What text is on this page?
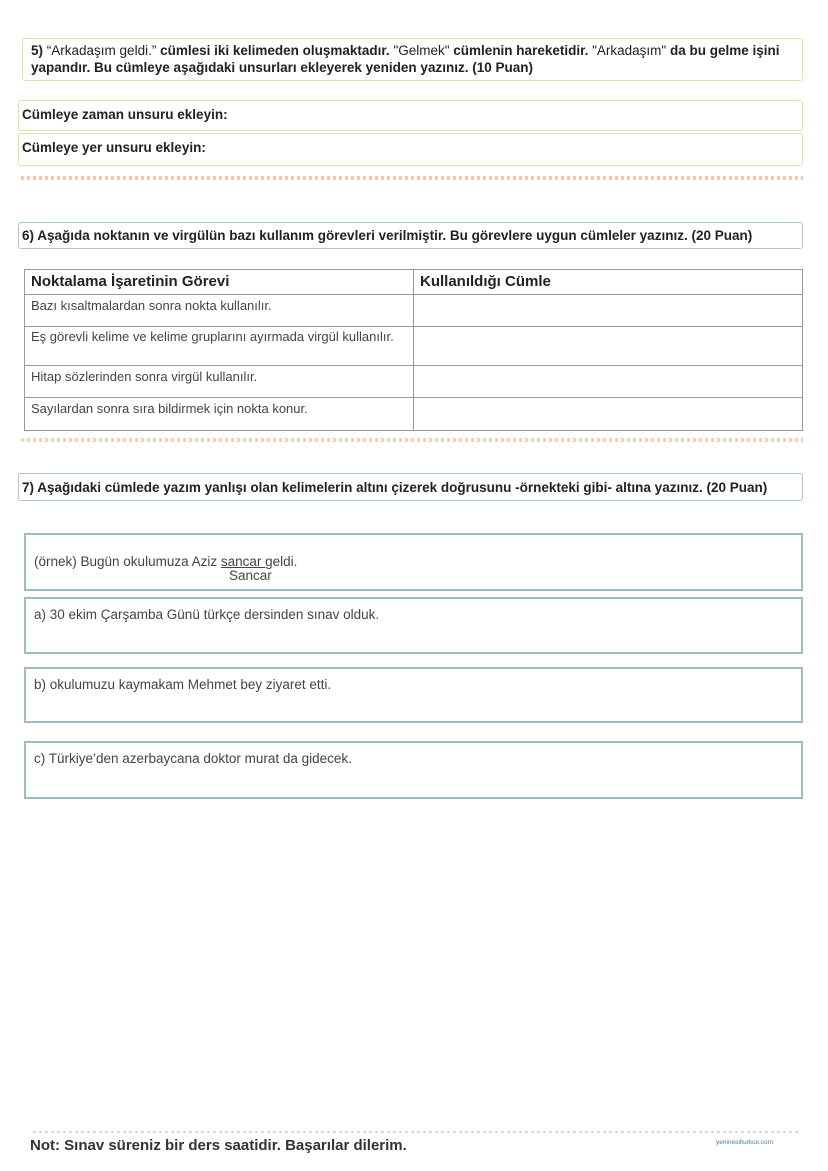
5) “Arkadaşım geldi.” cümlesi iki kelimeden oluşmaktadır. "Gelmek" cümlenin hareketidir. "Arkadaşım" da bu gelme işini yapandır. Bu cümleye aşağıdaki unsurları ekleyerek yeniden yazınız. (10 Puan)
Cümleye zaman unsuru ekleyin:
Cümleye yer unsuru ekleyin:
6) Aşağıda noktanın ve virgülün bazı kullanım görevleri verilmiştir. Bu görevlere uygun cümleler yazınız. (20 Puan)
Noktalama İşaretinin Görevi	Kullanıldığı Cümle
Bazı kısaltmalardan sonra nokta kullanılır.	
Eş görevli kelime ve kelime gruplarını ayırmada virgül kullanılır.	
Hitap sözlerinden sonra virgül kullanılır.	
Sayılardan sonra sıra bildirmek için nokta konur.	
7) Aşağıdaki cümlede yazım yanlışı olan kelimelerin altını çizerek doğrusunu -örnekteki gibi- altına yazınız. (20 Puan)
(örnek) Bugün okulumuza Aziz sancar geldi.
Sancar
a) 30 ekim Çarşamba Günü türkçe dersinden sınav olduk.
b) okulumuzu kaymakam Mehmet bey ziyaret etti.
c) Türkiye’den azerbaycana doktor murat da gidecek.
Not: Sınav süreniz bir ders saatidir. Başarılar dilerim.	yeninesilturkce.com
